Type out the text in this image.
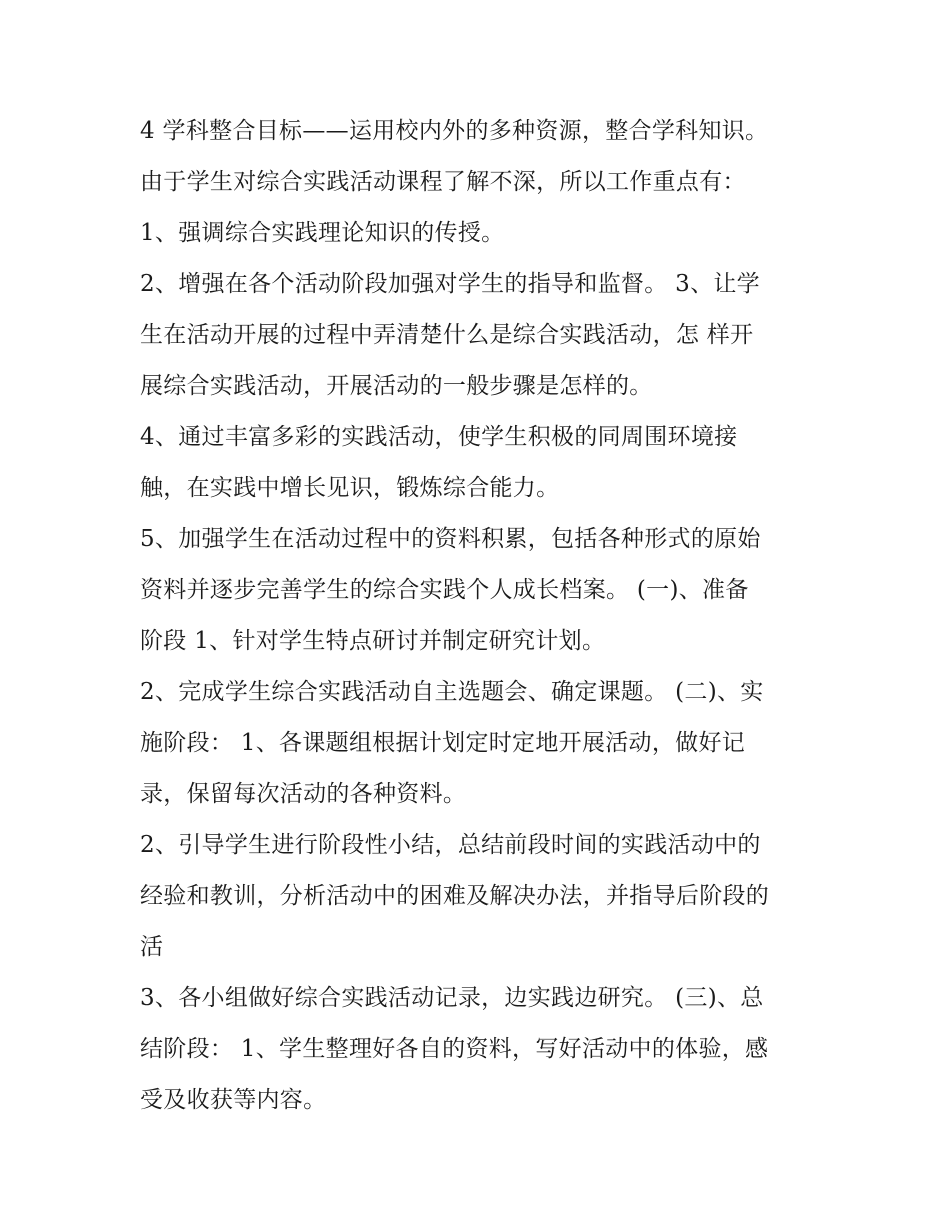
4 学科整合目标——运用校内外的多种资源，整合学科知识。
由于学生对综合实践活动课程了解不深，所以工作重点有：
1、强调综合实践理论知识的传授。
2、增强在各个活动阶段加强对学生的指导和监督。 3、让学
生在活动开展的过程中弄清楚什么是综合实践活动，怎 样开
展综合实践活动，开展活动的一般步骤是怎样的。
4、通过丰富多彩的实践活动，使学生积极的同周围环境接
触，在实践中增长见识，锻炼综合能力。
5、加强学生在活动过程中的资料积累，包括各种形式的原始
资料并逐步完善学生的综合实践个人成长档案。 (一)、准备
阶段 1、针对学生特点研讨并制定研究计划。
2、完成学生综合实践活动自主选题会、确定课题。 (二)、实
施阶段： 1、各课题组根据计划定时定地开展活动，做好记
录，保留每次活动的各种资料。
2、引导学生进行阶段性小结，总结前段时间的实践活动中的
经验和教训，分析活动中的困难及解决办法，并指导后阶段的
活
3、各小组做好综合实践活动记录，边实践边研究。 (三)、总
结阶段： 1、学生整理好各自的资料，写好活动中的体验，感
受及收获等内容。
